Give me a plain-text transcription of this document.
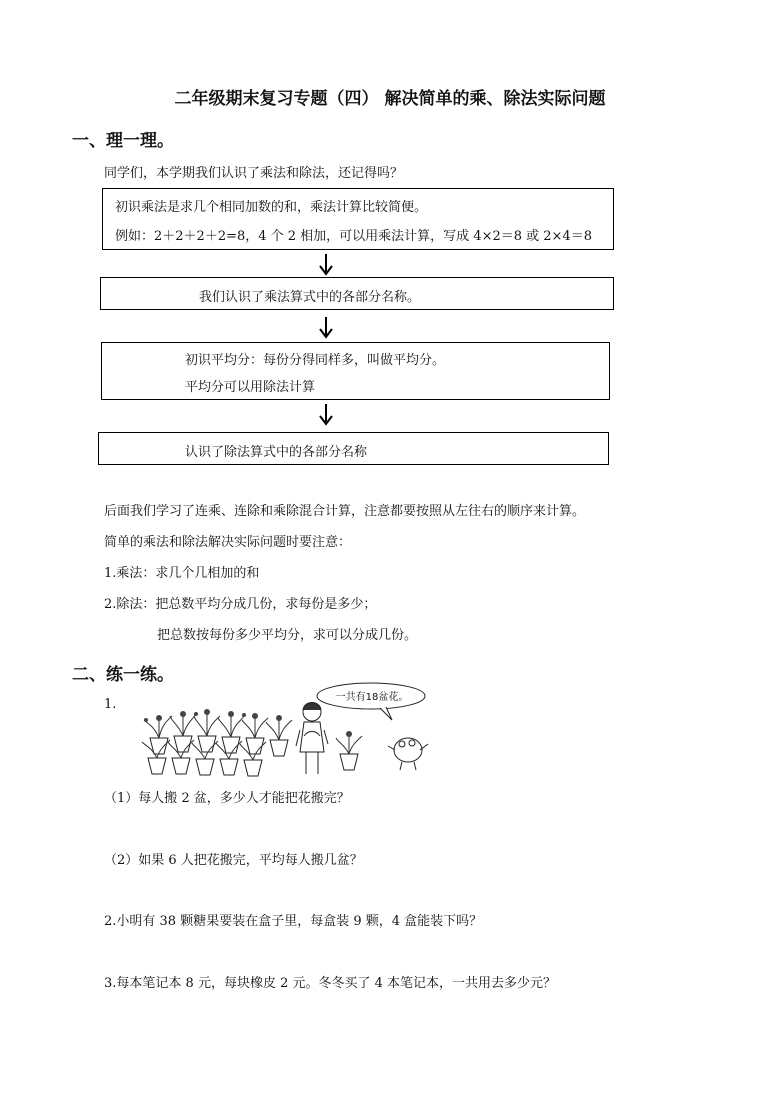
二年级期末复习专题（四） 解决简单的乘、除法实际问题
一、理一理。
同学们，本学期我们认识了乘法和除法，还记得吗？
初识乘法是求几个相同加数的和，乘法计算比较简便。
例如：2＋2＋2＋2=8，4 个 2 相加，可以用乘法计算，写成 4×2＝8 或 2×4＝8
我们认识了乘法算式中的各部分名称。
初识平均分：每份分得同样多，叫做平均分。
平均分可以用除法计算
认识了除法算式中的各部分名称
后面我们学习了连乘、连除和乘除混合计算，注意都要按照从左往右的顺序来计算。
简单的乘法和除法解决实际问题时要注意：
1.乘法：求几个几相加的和
2.除法：把总数平均分成几份，求每份是多少；
把总数按每份多少平均分，求可以分成几份。
二、练一练。
1.	一共有18盆花。
（1）每人搬 2 盆，多少人才能把花搬完？
（2）如果 6 人把花搬完，平均每人搬几盆？
2.小明有 38 颗糖果要装在盒子里，每盒装 9 颗，4 盒能装下吗？
3.每本笔记本 8 元，每块橡皮 2 元。冬冬买了 4 本笔记本，一共用去多少元？
